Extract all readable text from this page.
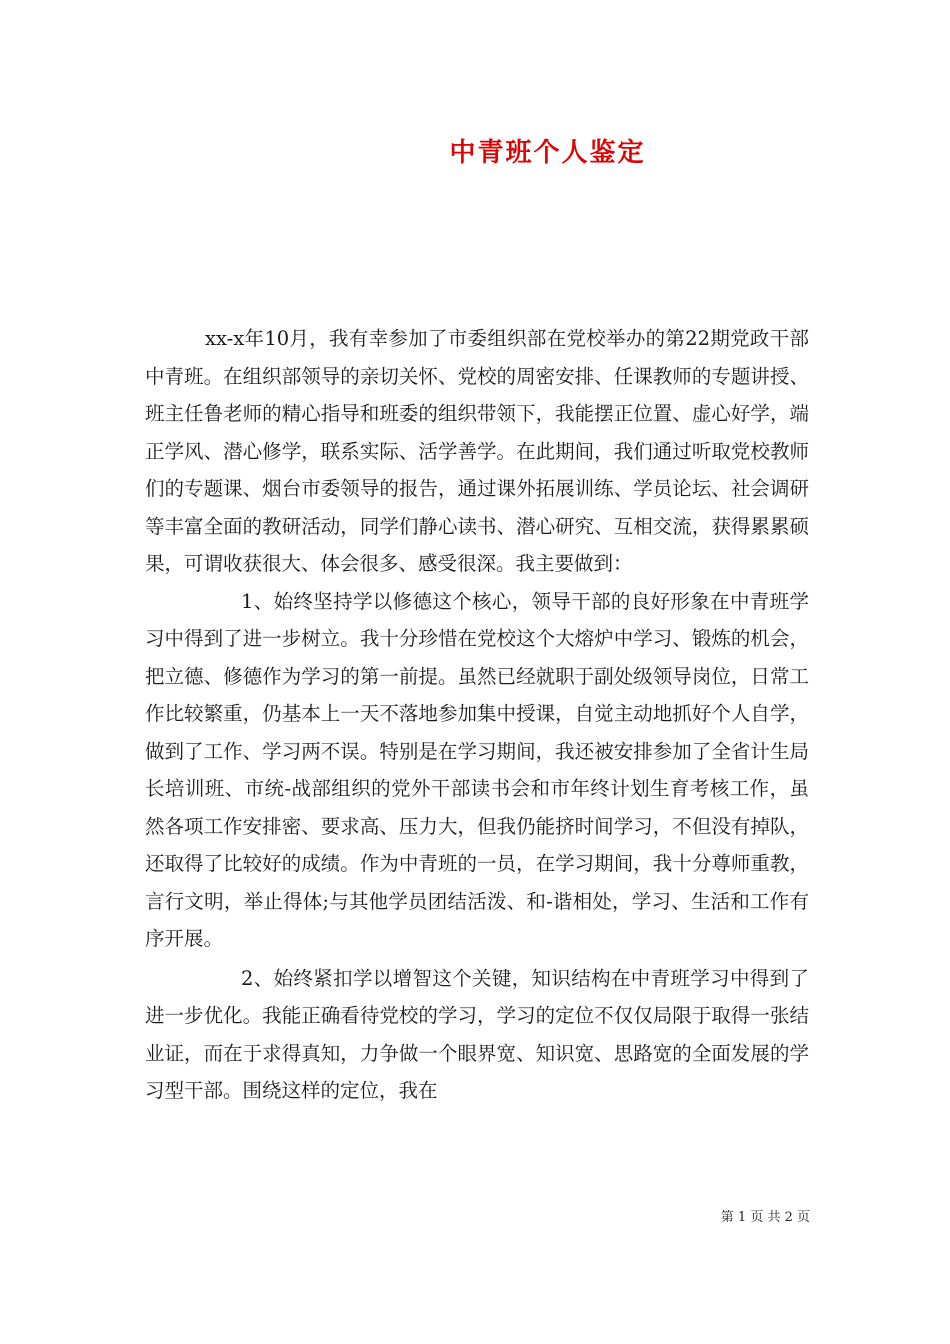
中青班个人鉴定

xx-x年10月，我有幸参加了市委组织部在党校举办的第22期党政干部中青班。在组织部领导的亲切关怀、党校的周密安排、任课教师的专题讲授、班主任鲁老师的精心指导和班委的组织带领下，我能摆正位置、虚心好学，端正学风、潜心修学，联系实际、活学善学。在此期间，我们通过听取党校教师们的专题课、烟台市委领导的报告，通过课外拓展训练、学员论坛、社会调研等丰富全面的教研活动，同学们静心读书、潜心研究、互相交流，获得累累硕果，可谓收获很大、体会很多、感受很深。我主要做到：

1、始终坚持学以修德这个核心，领导干部的良好形象在中青班学习中得到了进一步树立。我十分珍惜在党校这个大熔炉中学习、锻炼的机会，把立德、修德作为学习的第一前提。虽然已经就职于副处级领导岗位，日常工作比较繁重，仍基本上一天不落地参加集中授课，自觉主动地抓好个人自学，做到了工作、学习两不误。特别是在学习期间，我还被安排参加了全省计生局长培训班、市统-战部组织的党外干部读书会和市年终计划生育考核工作，虽然各项工作安排密、要求高、压力大，但我仍能挤时间学习，不但没有掉队，还取得了比较好的成绩。作为中青班的一员，在学习期间，我十分尊师重教，言行文明，举止得体;与其他学员团结活泼、和-谐相处，学习、生活和工作有序开展。

2、始终紧扣学以增智这个关键，知识结构在中青班学习中得到了进一步优化。我能正确看待党校的学习，学习的定位不仅仅局限于取得一张结业证，而在于求得真知，力争做一个眼界宽、知识宽、思路宽的全面发展的学习型干部。围绕这样的定位，我在

第 1 页 共 2 页
